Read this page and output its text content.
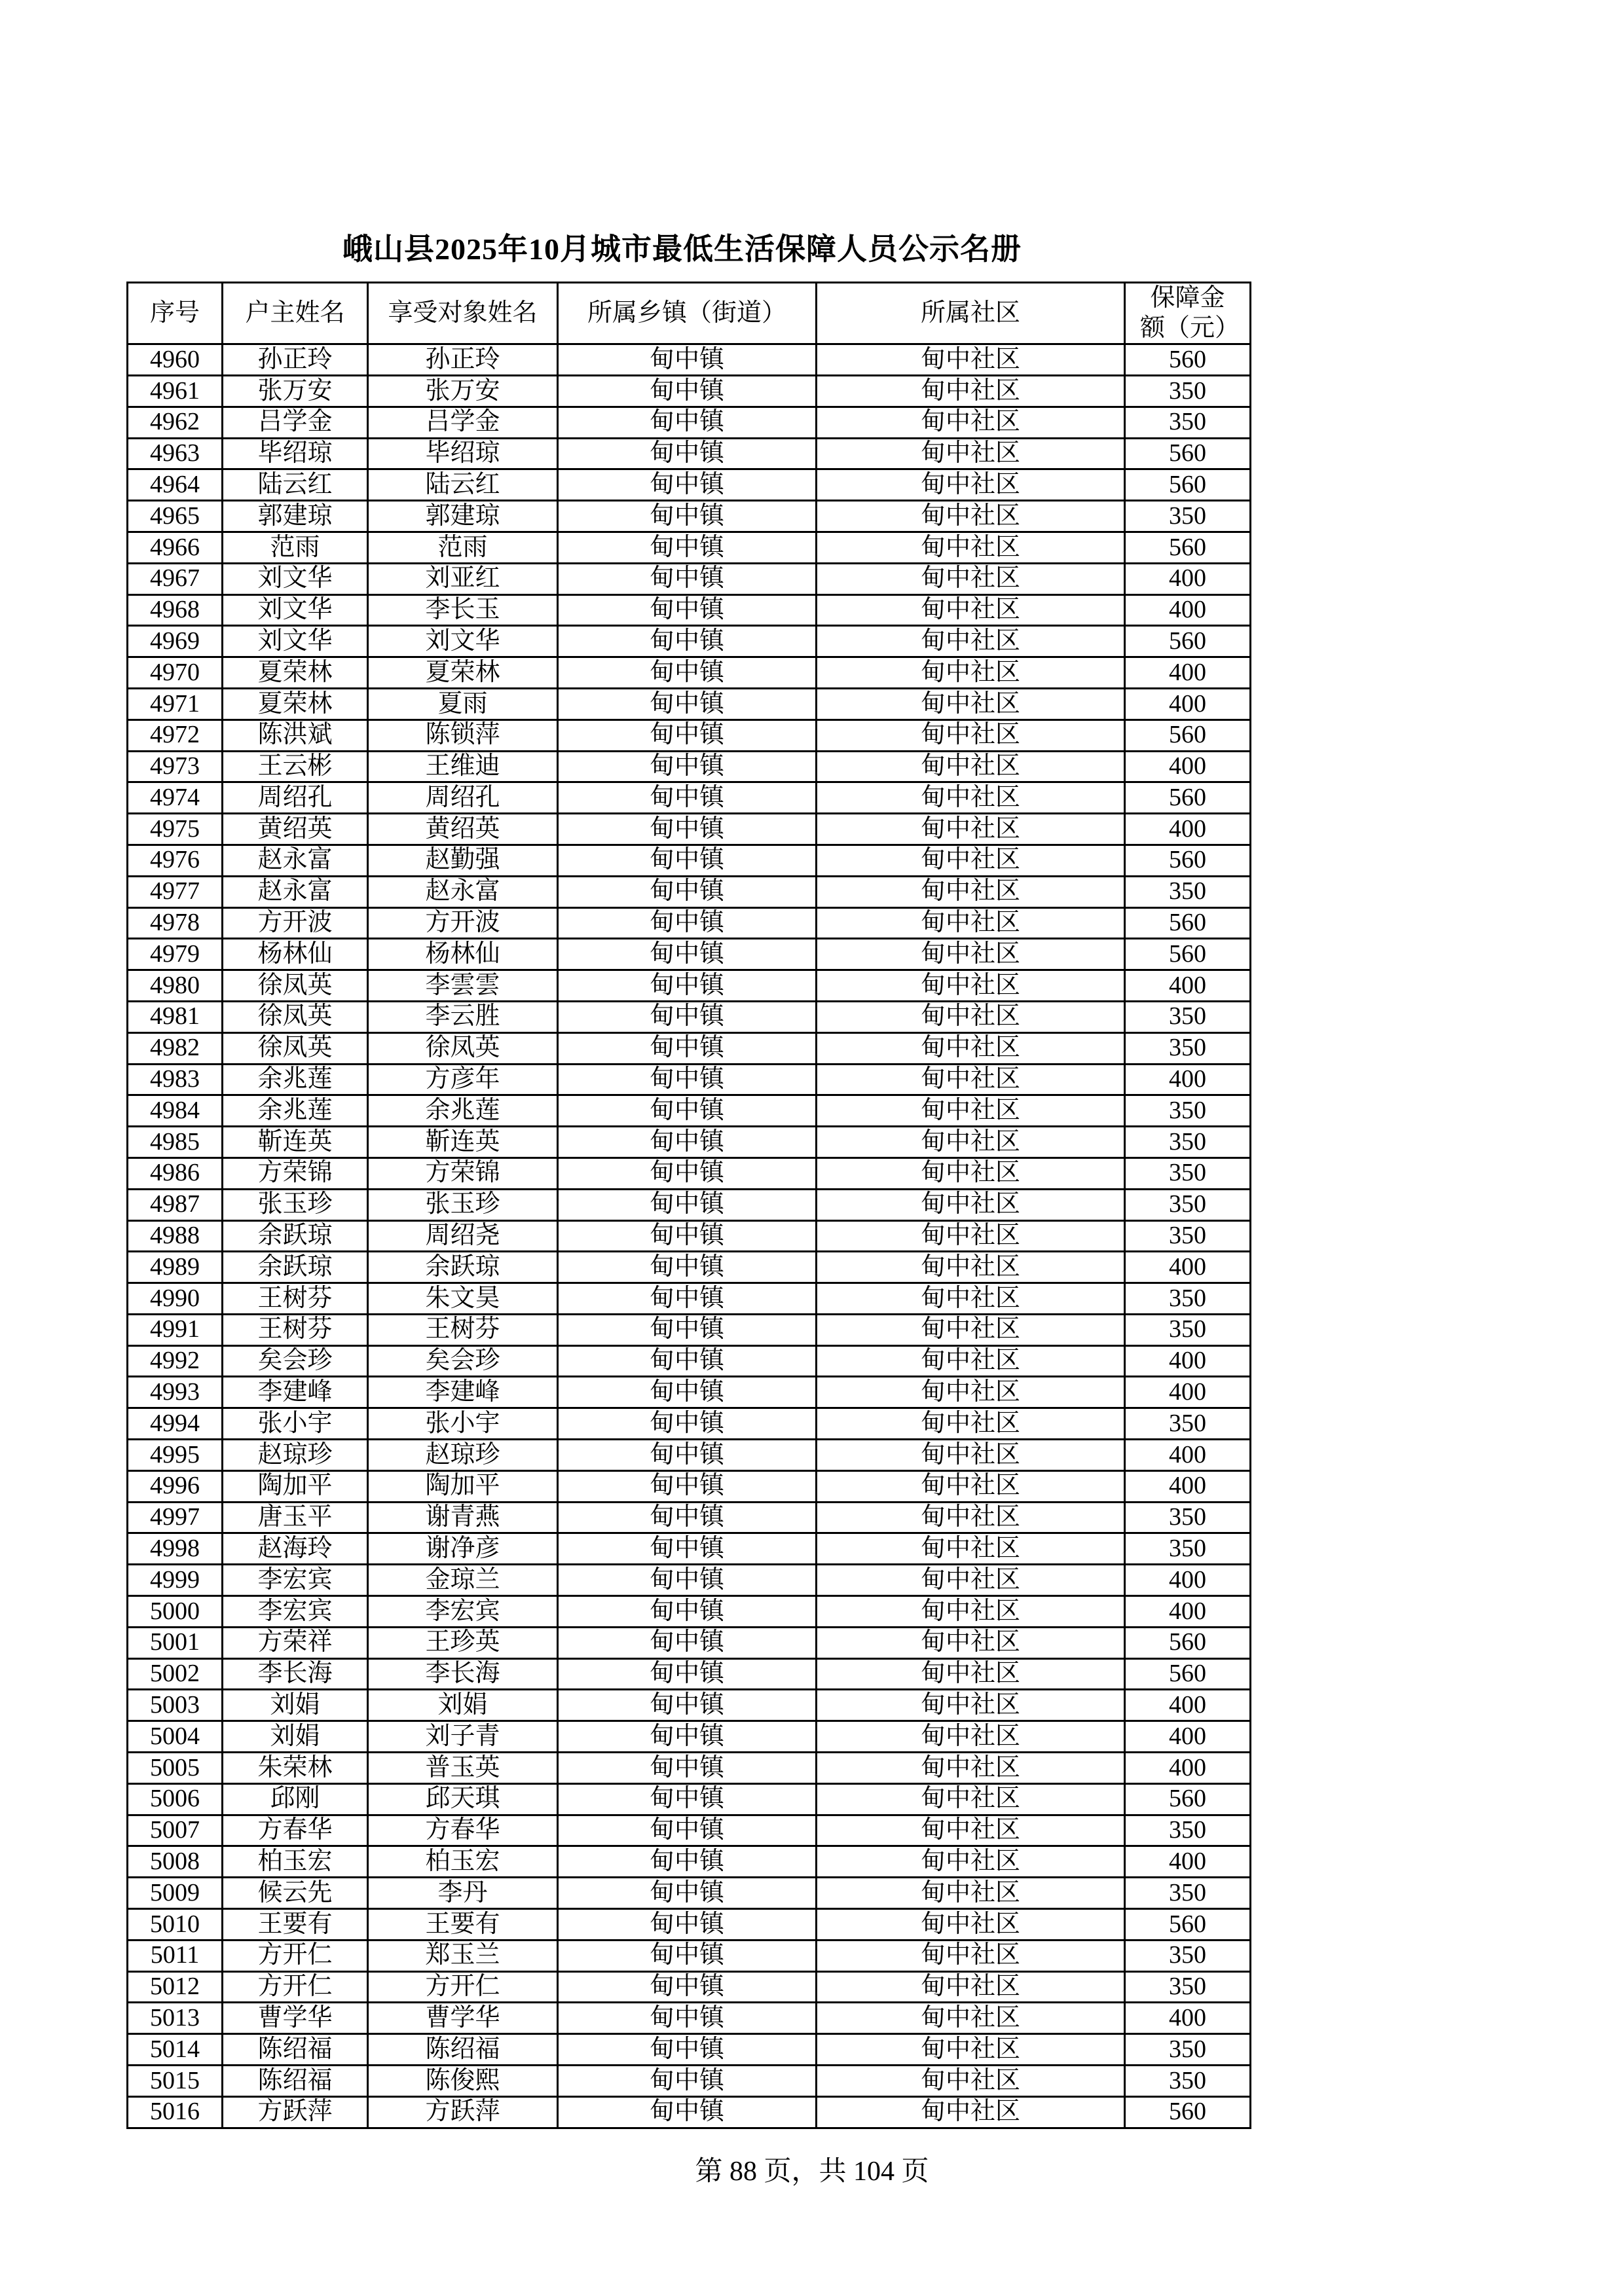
峨山县2025年10月城市最低生活保障人员公示名册
序号	户主姓名	享受对象姓名	所属乡镇（街道）	所属社区	保障金额（元）
4960	孙正玲	孙正玲	甸中镇	甸中社区	560
4961	张万安	张万安	甸中镇	甸中社区	350
4962	吕学金	吕学金	甸中镇	甸中社区	350
4963	毕绍琼	毕绍琼	甸中镇	甸中社区	560
4964	陆云红	陆云红	甸中镇	甸中社区	560
4965	郭建琼	郭建琼	甸中镇	甸中社区	350
4966	范雨	范雨	甸中镇	甸中社区	560
4967	刘文华	刘亚红	甸中镇	甸中社区	400
4968	刘文华	李长玉	甸中镇	甸中社区	400
4969	刘文华	刘文华	甸中镇	甸中社区	560
4970	夏荣林	夏荣林	甸中镇	甸中社区	400
4971	夏荣林	夏雨	甸中镇	甸中社区	400
4972	陈洪斌	陈锁萍	甸中镇	甸中社区	560
4973	王云彬	王维迪	甸中镇	甸中社区	400
4974	周绍孔	周绍孔	甸中镇	甸中社区	560
4975	黄绍英	黄绍英	甸中镇	甸中社区	400
4976	赵永富	赵勤强	甸中镇	甸中社区	560
4977	赵永富	赵永富	甸中镇	甸中社区	350
4978	方开波	方开波	甸中镇	甸中社区	560
4979	杨林仙	杨林仙	甸中镇	甸中社区	560
4980	徐凤英	李雲雲	甸中镇	甸中社区	400
4981	徐凤英	李云胜	甸中镇	甸中社区	350
4982	徐凤英	徐凤英	甸中镇	甸中社区	350
4983	余兆莲	方彦年	甸中镇	甸中社区	400
4984	余兆莲	余兆莲	甸中镇	甸中社区	350
4985	靳连英	靳连英	甸中镇	甸中社区	350
4986	方荣锦	方荣锦	甸中镇	甸中社区	350
4987	张玉珍	张玉珍	甸中镇	甸中社区	350
4988	余跃琼	周绍尧	甸中镇	甸中社区	350
4989	余跃琼	余跃琼	甸中镇	甸中社区	400
4990	王树芬	朱文昊	甸中镇	甸中社区	350
4991	王树芬	王树芬	甸中镇	甸中社区	350
4992	矣会珍	矣会珍	甸中镇	甸中社区	400
4993	李建峰	李建峰	甸中镇	甸中社区	400
4994	张小宇	张小宇	甸中镇	甸中社区	350
4995	赵琼珍	赵琼珍	甸中镇	甸中社区	400
4996	陶加平	陶加平	甸中镇	甸中社区	400
4997	唐玉平	谢青燕	甸中镇	甸中社区	350
4998	赵海玲	谢净彦	甸中镇	甸中社区	350
4999	李宏宾	金琼兰	甸中镇	甸中社区	400
5000	李宏宾	李宏宾	甸中镇	甸中社区	400
5001	方荣祥	王珍英	甸中镇	甸中社区	560
5002	李长海	李长海	甸中镇	甸中社区	560
5003	刘娟	刘娟	甸中镇	甸中社区	400
5004	刘娟	刘子青	甸中镇	甸中社区	400
5005	朱荣林	普玉英	甸中镇	甸中社区	400
5006	邱刚	邱天琪	甸中镇	甸中社区	560
5007	方春华	方春华	甸中镇	甸中社区	350
5008	柏玉宏	柏玉宏	甸中镇	甸中社区	400
5009	候云先	李丹	甸中镇	甸中社区	350
5010	王要有	王要有	甸中镇	甸中社区	560
5011	方开仁	郑玉兰	甸中镇	甸中社区	350
5012	方开仁	方开仁	甸中镇	甸中社区	350
5013	曹学华	曹学华	甸中镇	甸中社区	400
5014	陈绍福	陈绍福	甸中镇	甸中社区	350
5015	陈绍福	陈俊熙	甸中镇	甸中社区	350
5016	方跃萍	方跃萍	甸中镇	甸中社区	560
第 88 页，共 104 页
